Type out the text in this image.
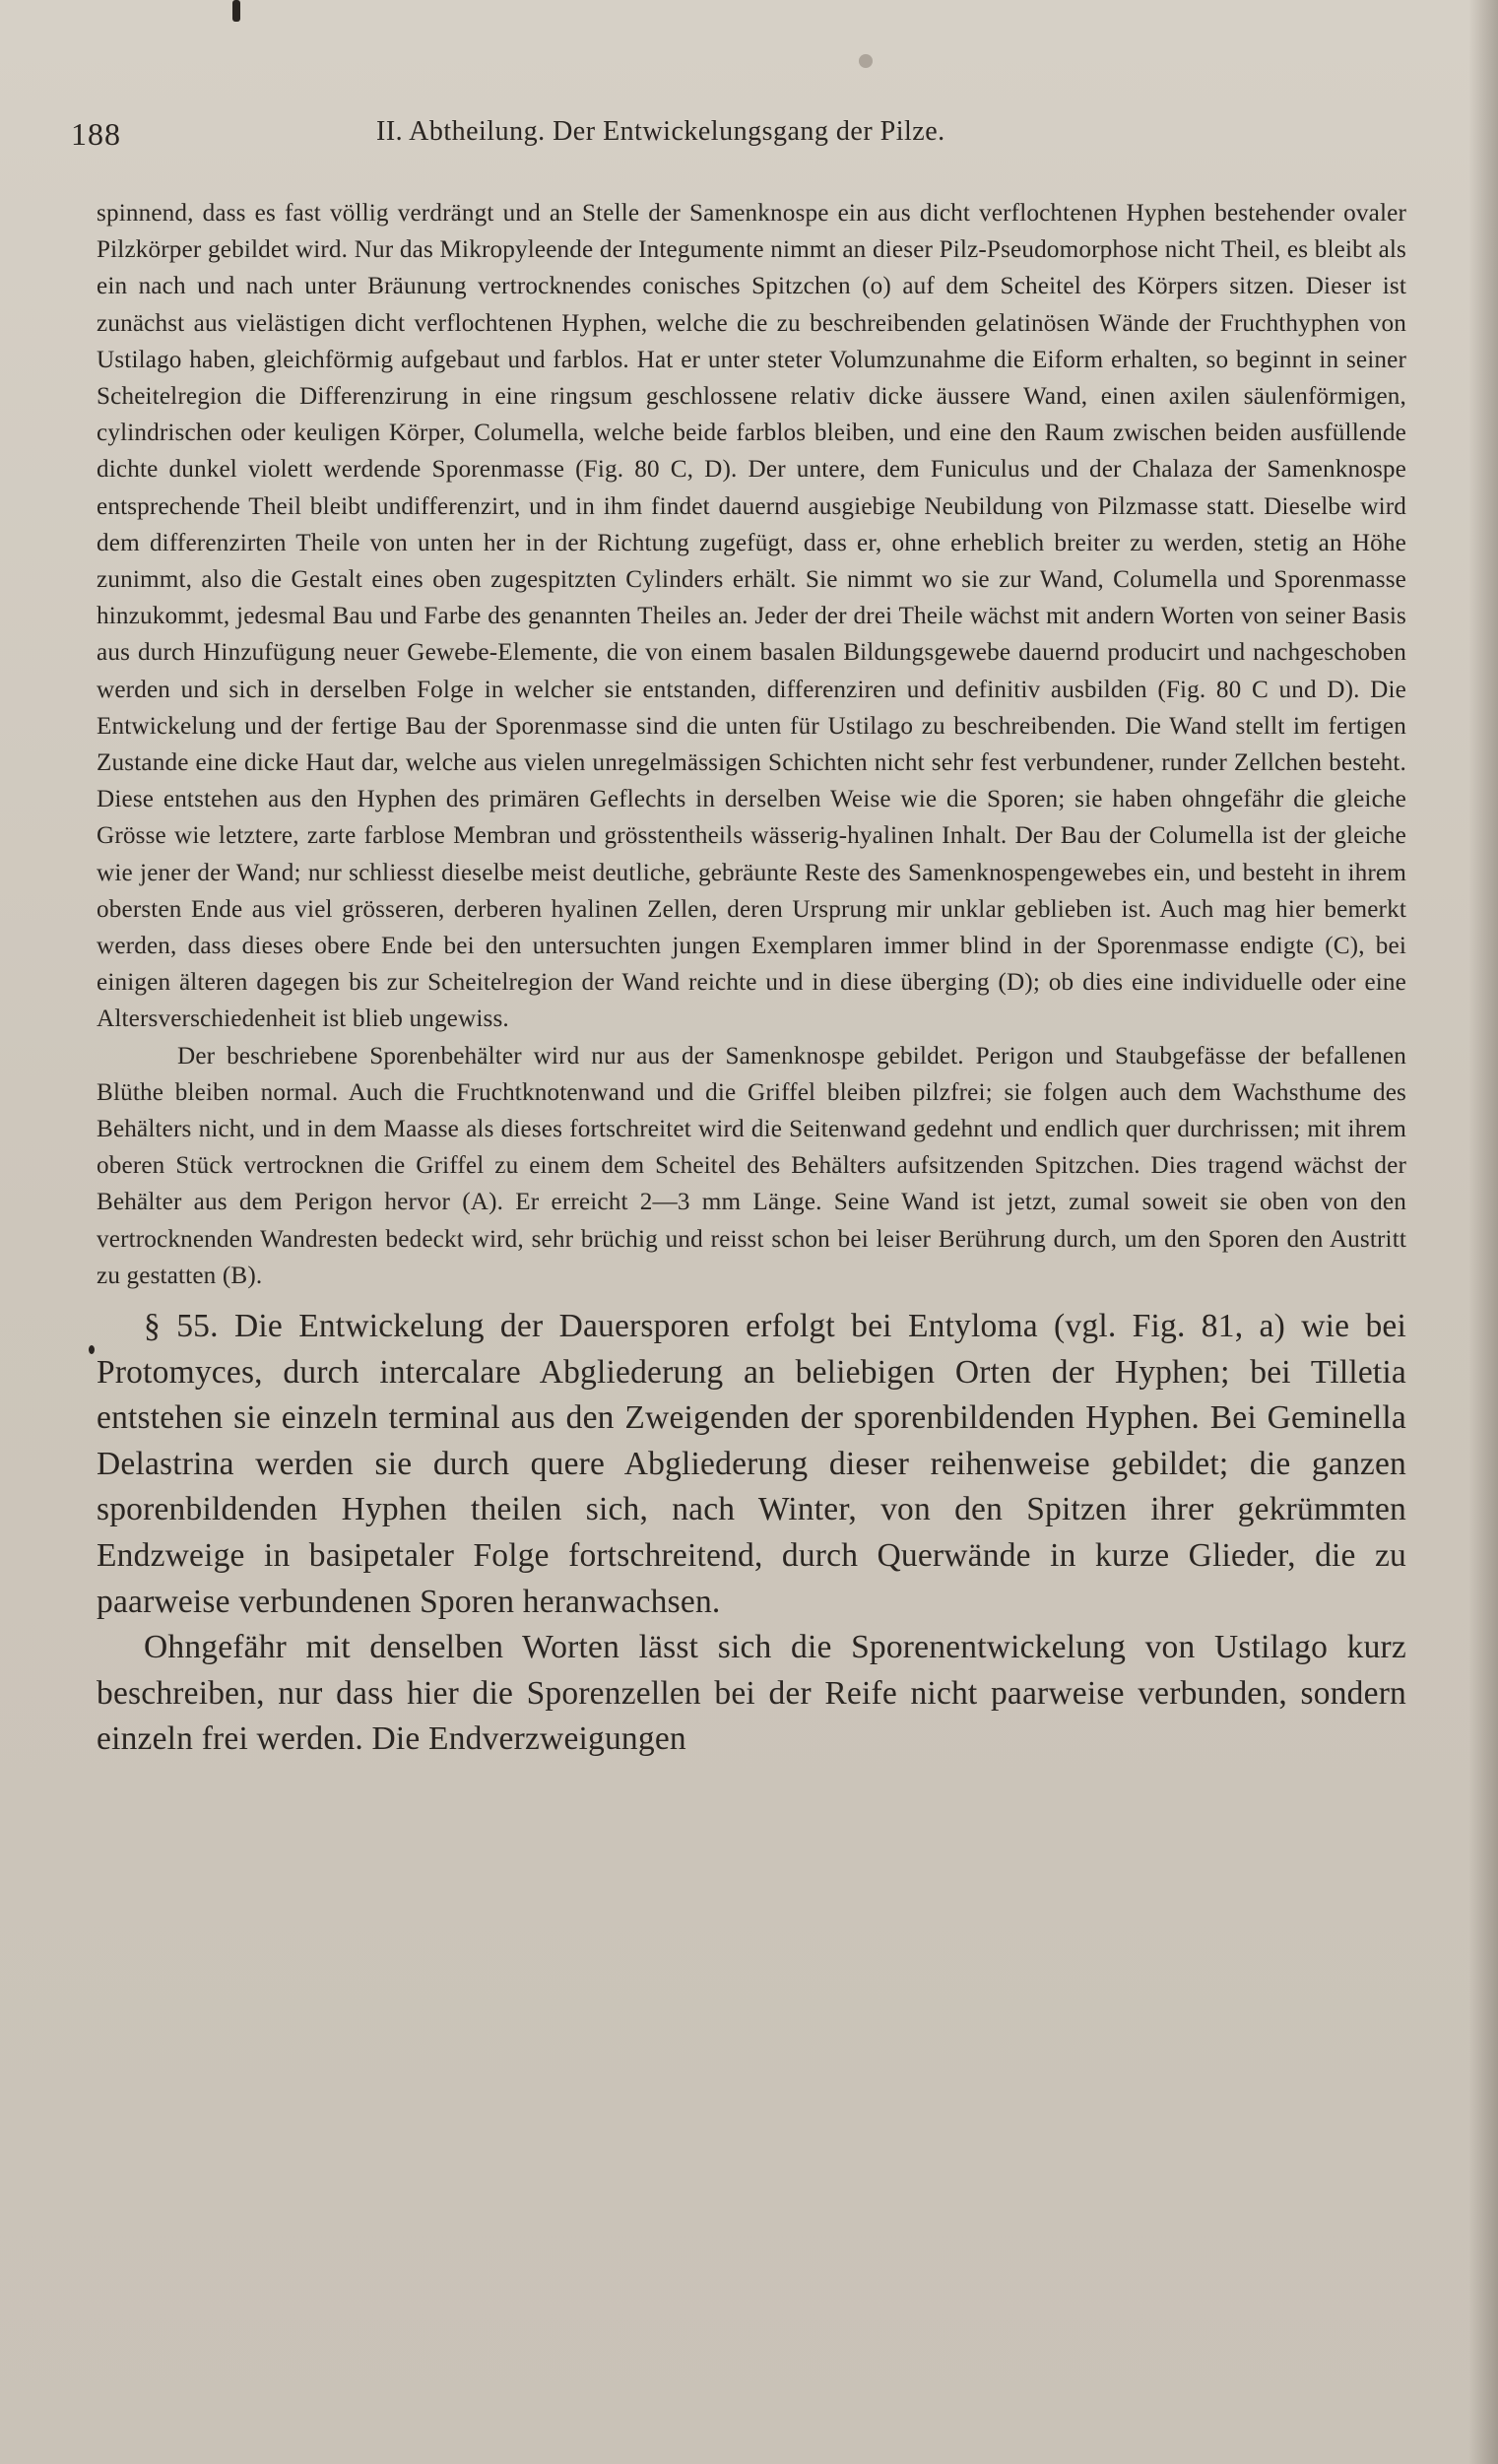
188	II. Abtheilung. Der Entwickelungsgang der Pilze.

spinnend, dass es fast völlig verdrängt und an Stelle der Samenknospe ein aus dicht verflochtenen Hyphen bestehender ovaler Pilzkörper gebildet wird. Nur das Mikropyleende der Integumente nimmt an dieser Pilz-Pseudomorphose nicht Theil, es bleibt als ein nach und nach unter Bräunung vertrocknendes conisches Spitzchen (o) auf dem Scheitel des Körpers sitzen. Dieser ist zunächst aus vielästigen dicht verflochtenen Hyphen, welche die zu beschreibenden gelatinösen Wände der Fruchthyphen von Ustilago haben, gleichförmig aufgebaut und farblos. Hat er unter steter Volumzunahme die Eiform erhalten, so beginnt in seiner Scheitelregion die Differenzirung in eine ringsum geschlossene relativ dicke äussere Wand, einen axilen säulenförmigen, cylindrischen oder keuligen Körper, Columella, welche beide farblos bleiben, und eine den Raum zwischen beiden ausfüllende dichte dunkel violett werdende Sporenmasse (Fig. 80 C, D). Der untere, dem Funiculus und der Chalaza der Samenknospe entsprechende Theil bleibt undifferenzirt, und in ihm findet dauernd ausgiebige Neubildung von Pilzmasse statt. Dieselbe wird dem differenzirten Theile von unten her in der Richtung zugefügt, dass er, ohne erheblich breiter zu werden, stetig an Höhe zunimmt, also die Gestalt eines oben zugespitzten Cylinders erhält. Sie nimmt wo sie zur Wand, Columella und Sporenmasse hinzukommt, jedesmal Bau und Farbe des genannten Theiles an. Jeder der drei Theile wächst mit andern Worten von seiner Basis aus durch Hinzufügung neuer Gewebe-Elemente, die von einem basalen Bildungsgewebe dauernd producirt und nachgeschoben werden und sich in derselben Folge in welcher sie entstanden, differenziren und definitiv ausbilden (Fig. 80 C und D). Die Entwickelung und der fertige Bau der Sporenmasse sind die unten für Ustilago zu beschreibenden. Die Wand stellt im fertigen Zustande eine dicke Haut dar, welche aus vielen unregelmässigen Schichten nicht sehr fest verbundener, runder Zellchen besteht. Diese entstehen aus den Hyphen des primären Geflechts in derselben Weise wie die Sporen; sie haben ohngefähr die gleiche Grösse wie letztere, zarte farblose Membran und grösstentheils wässerig-hyalinen Inhalt. Der Bau der Columella ist der gleiche wie jener der Wand; nur schliesst dieselbe meist deutliche, gebräunte Reste des Samenknospengewebes ein, und besteht in ihrem obersten Ende aus viel grösseren, derberen hyalinen Zellen, deren Ursprung mir unklar geblieben ist. Auch mag hier bemerkt werden, dass dieses obere Ende bei den untersuchten jungen Exemplaren immer blind in der Sporenmasse endigte (C), bei einigen älteren dagegen bis zur Scheitelregion der Wand reichte und in diese überging (D); ob dies eine individuelle oder eine Altersverschiedenheit ist blieb ungewiss.

Der beschriebene Sporenbehälter wird nur aus der Samenknospe gebildet. Perigon und Staubgefässe der befallenen Blüthe bleiben normal. Auch die Fruchtknotenwand und die Griffel bleiben pilzfrei; sie folgen auch dem Wachsthume des Behälters nicht, und in dem Maasse als dieses fortschreitet wird die Seitenwand gedehnt und endlich quer durchrissen; mit ihrem oberen Stück vertrocknen die Griffel zu einem dem Scheitel des Behälters aufsitzenden Spitzchen. Dies tragend wächst der Behälter aus dem Perigon hervor (A). Er erreicht 2—3 mm Länge. Seine Wand ist jetzt, zumal soweit sie oben von den vertrocknenden Wandresten bedeckt wird, sehr brüchig und reisst schon bei leiser Berührung durch, um den Sporen den Austritt zu gestatten (B).

§ 55. Die Entwickelung der Dauersporen erfolgt bei Entyloma (vgl. Fig. 81, a) wie bei Protomyces, durch intercalare Abgliederung an beliebigen Orten der Hyphen; bei Tilletia entstehen sie einzeln terminal aus den Zweigenden der sporenbildenden Hyphen. Bei Geminella Delastrina werden sie durch quere Abgliederung dieser reihenweise gebildet; die ganzen sporenbildenden Hyphen theilen sich, nach Winter, von den Spitzen ihrer gekrümmten Endzweige in basipetaler Folge fortschreitend, durch Querwände in kurze Glieder, die zu paarweise verbundenen Sporen heranwachsen.

Ohngefähr mit denselben Worten lässt sich die Sporenentwickelung von Ustilago kurz beschreiben, nur dass hier die Sporenzellen bei der Reife nicht paarweise verbunden, sondern einzeln frei werden. Die Endverzweigungen
